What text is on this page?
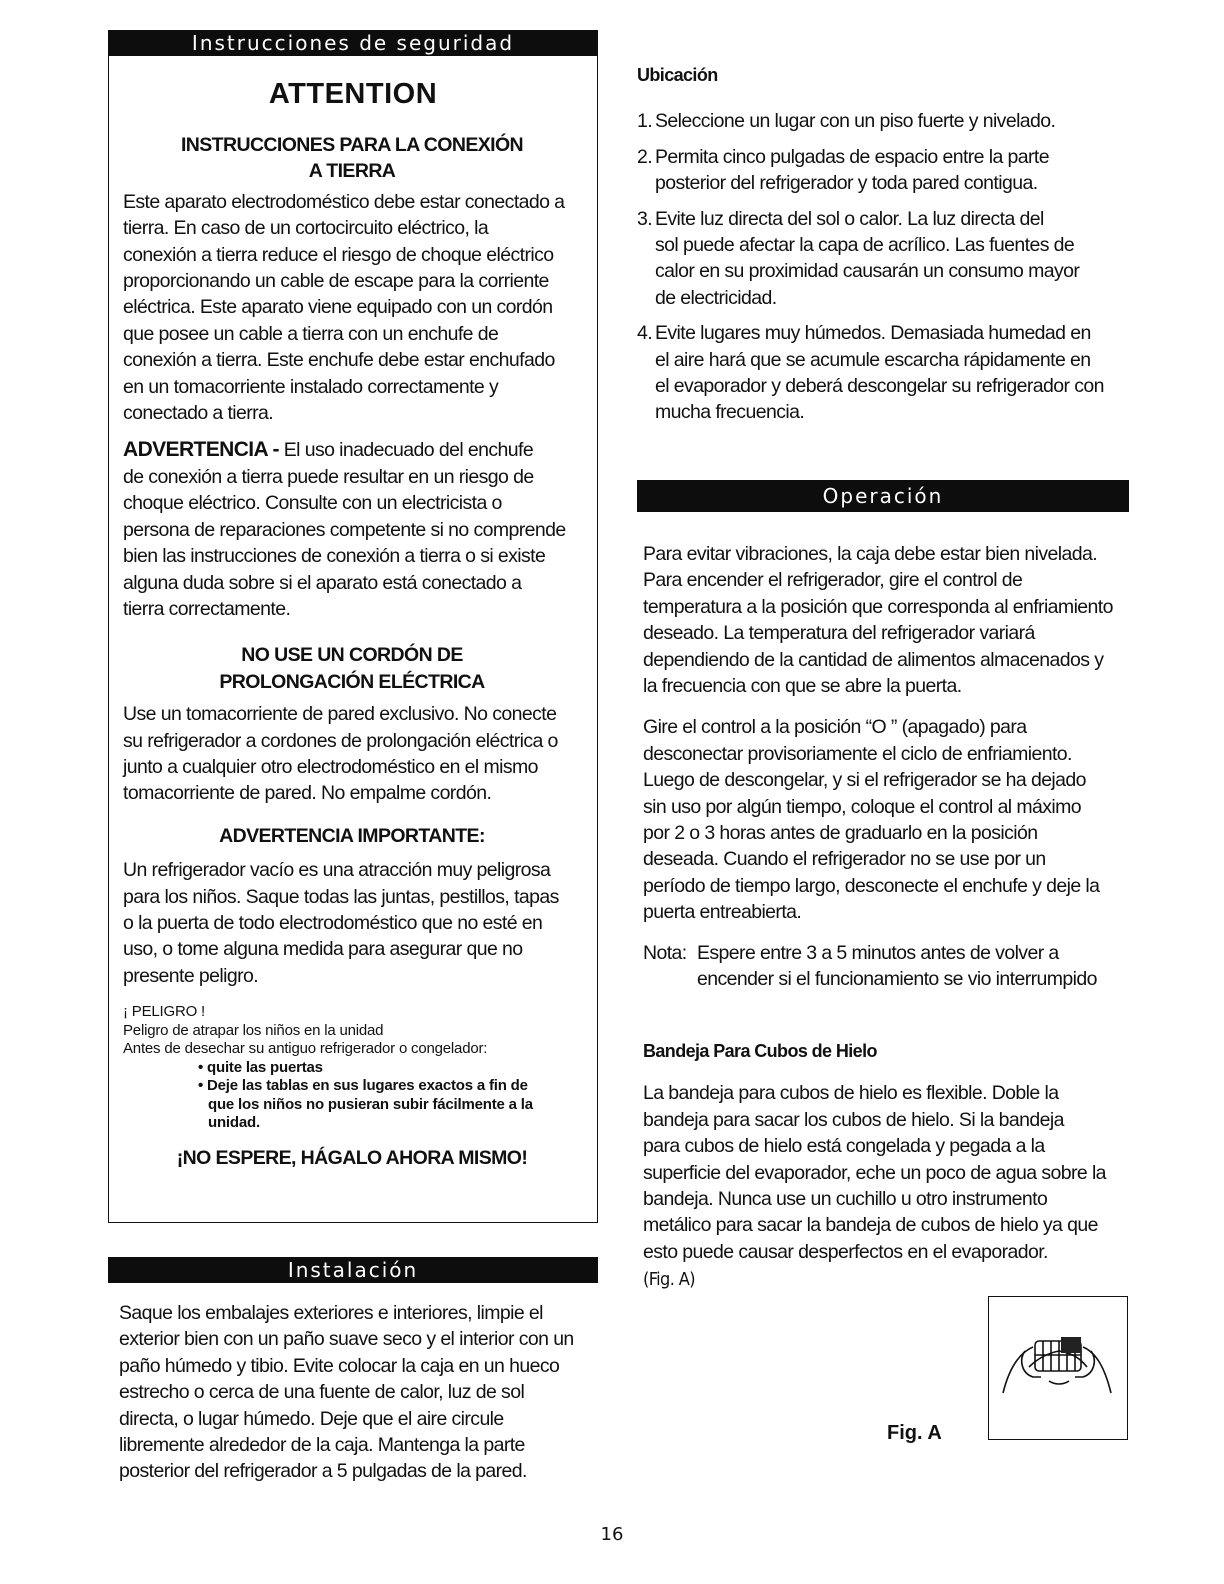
Instrucciones de seguridad
ATTENTION

INSTRUCCIONES PARA LA CONEXIÓN

A TIERRA

Este aparato electrodoméstico debe estar conectado a

tierra. En caso de un cortocircuito eléctrico, la

conexión a tierra reduce el riesgo de choque eléctrico

proporcionando un cable de escape para la corriente

eléctrica. Este aparato viene equipado con un cordón

que posee un cable a tierra con un enchufe de

conexión a tierra. Este enchufe debe estar enchufado

en un tomacorriente instalado correctamente y

conectado a tierra.

ADVERTENCIA - El uso inadecuado del enchufe

de conexión a tierra puede resultar en un riesgo de

choque eléctrico. Consulte con un electricista o

persona de reparaciones competente si no comprende

bien las instrucciones de conexión a tierra o si existe

alguna duda sobre si el aparato está conectado a

tierra correctamente.

NO USE UN CORDÓN DE

PROLONGACIÓN ELÉCTRICA

Use un tomacorriente de pared exclusivo. No conecte

su refrigerador a cordones de prolongación eléctrica o

junto a cualquier otro electrodoméstico en el mismo

tomacorriente de pared. No empalme cordón.

ADVERTENCIA IMPORTANTE:

Un refrigerador vacío es una atracción muy peligrosa

para los niños. Saque todas las juntas, pestillos, tapas

o la puerta de todo electrodoméstico que no esté en

uso, o tome alguna medida para asegurar que no

presente peligro.

¡ PELIGRO !

Peligro de atrapar los niños en la unidad

Antes de desechar su antiguo refrigerador o congelador:

• quite las puertas

• Deje las tablas en sus lugares exactos a fin de

que los niños no pusieran subir fácilmente a la

unidad.

¡NO ESPERE, HÁGALO AHORA MISMO!

Instalación

Saque los embalajes exteriores e interiores, limpie el

exterior bien con un paño suave seco y el interior con un

paño húmedo y tibio. Evite colocar la caja en un hueco

estrecho o cerca de una fuente de calor, luz de sol

directa, o lugar húmedo. Deje que el aire circule

libremente alrededor de la caja. Mantenga la parte

posterior del refrigerador a 5 pulgadas de la pared.

Ubicación

1. Seleccione un lugar con un piso fuerte y nivelado.

2. Permita cinco pulgadas de espacio entre la parte

posterior del refrigerador y toda pared contigua.

3. Evite luz directa del sol o calor. La luz directa del

sol puede afectar la capa de acrílico. Las fuentes de

calor en su proximidad causarán un consumo mayor

de electricidad.

4. Evite lugares muy húmedos. Demasiada humedad en

el aire hará que se acumule escarcha rápidamente en

el evaporador y deberá descongelar su refrigerador con

mucha frecuencia.

Operación

Para evitar vibraciones, la caja debe estar bien nivelada.

Para encender el refrigerador, gire el control de

temperatura a la posición que corresponda al enfriamiento

deseado. La temperatura del refrigerador variará

dependiendo de la cantidad de alimentos almacenados y

la frecuencia con que se abre la puerta.

Gire el control a la posición “O ” (apagado) para

desconectar provisoriamente el ciclo de enfriamiento.

Luego de descongelar, y si el refrigerador se ha dejado

sin uso por algún tiempo, coloque el control al máximo

por 2 o 3 horas antes de graduarlo en la posición

deseada. Cuando el refrigerador no se use por un

período de tiempo largo, desconecte el enchufe y deje la

puerta entreabierta.

Nota: Espere entre 3 a 5 minutos antes de volver a

encender si el funcionamiento se vio interrumpido

Bandeja Para Cubos de Hielo

La bandeja para cubos de hielo es flexible. Doble la

bandeja para sacar los cubos de hielo. Si la bandeja

para cubos de hielo está congelada y pegada a la

superficie del evaporador, eche un poco de agua sobre la

bandeja. Nunca use un cuchillo u otro instrumento

metálico para sacar la bandeja de cubos de hielo ya que

esto puede causar desperfectos en el evaporador.

(Fig. A)

Fig. A
16
